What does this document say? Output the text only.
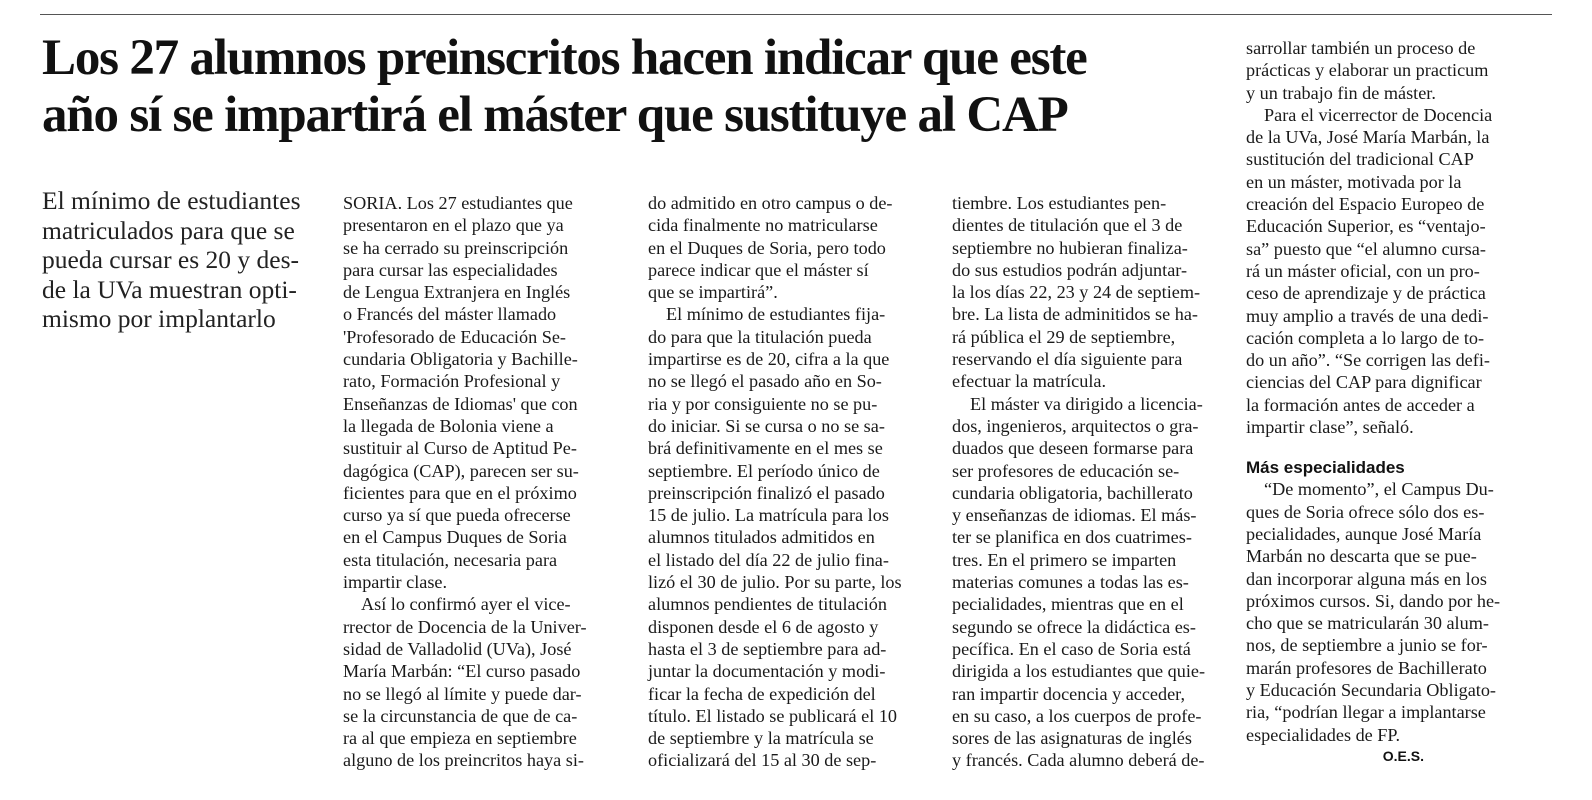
Los 27 alumnos preinscritos hacen indicar que este
año sí se impartirá el máster que sustituye al CAP
El mínimo de estudiantes
matriculados para que se
pueda cursar es 20 y des-
de la UVa muestran opti-
mismo por implantarlo
SORIA. Los 27 estudiantes que
presentaron en el plazo que ya
se ha cerrado su preinscripción
para cursar las especialidades
de Lengua Extranjera en Inglés
o Francés del máster llamado
'Profesorado de Educación Se-
cundaria Obligatoria y Bachille-
rato, Formación Profesional y
Enseñanzas de Idiomas' que con
la llegada de Bolonia viene a
sustituir al Curso de Aptitud Pe-
dagógica (CAP), parecen ser su-
ficientes para que en el próximo
curso ya sí que pueda ofrecerse
en el Campus Duques de Soria
esta titulación, necesaria para
impartir clase.
Así lo confirmó ayer el vice-
rrector de Docencia de la Univer-
sidad de Valladolid (UVa), José
María Marbán: “El curso pasado
no se llegó al límite y puede dar-
se la circunstancia de que de ca-
ra al que empieza en septiembre
alguno de los preincritos haya si-
do admitido en otro campus o de-
cida finalmente no matricularse
en el Duques de Soria, pero todo
parece indicar que el máster sí
que se impartirá”.
El mínimo de estudiantes fija-
do para que la titulación pueda
impartirse es de 20, cifra a la que
no se llegó el pasado año en So-
ria y por consiguiente no se pu-
do iniciar. Si se cursa o no se sa-
brá definitivamente en el mes se
septiembre. El período único de
preinscripción finalizó el pasado
15 de julio. La matrícula para los
alumnos titulados admitidos en
el listado del día 22 de julio fina-
lizó el 30 de julio. Por su parte, los
alumnos pendientes de titulación
disponen desde el 6 de agosto y
hasta el 3 de septiembre para ad-
juntar la documentación y modi-
ficar la fecha de expedición del
título. El listado se publicará el 10
de septiembre y la matrícula se
oficializará del 15 al 30 de sep-
tiembre. Los estudiantes pen-
dientes de titulación que el 3 de
septiembre no hubieran finaliza-
do sus estudios podrán adjuntar-
la los días 22, 23 y 24 de septiem-
bre. La lista de adminitidos se ha-
rá pública el 29 de septiembre,
reservando el día siguiente para
efectuar la matrícula.
El máster va dirigido a licencia-
dos, ingenieros, arquitectos o gra-
duados que deseen formarse para
ser profesores de educación se-
cundaria obligatoria, bachillerato
y enseñanzas de idiomas. El más-
ter se planifica en dos cuatrimes-
tres. En el primero se imparten
materias comunes a todas las es-
pecialidades, mientras que en el
segundo se ofrece la didáctica es-
pecífica. En el caso de Soria está
dirigida a los estudiantes que quie-
ran impartir docencia y acceder,
en su caso, a los cuerpos de profe-
sores de las asignaturas de inglés
y francés. Cada alumno deberá de-
sarrollar también un proceso de
prácticas y elaborar un practicum
y un trabajo fin de máster.
Para el vicerrector de Docencia
de la UVa, José María Marbán, la
sustitución del tradicional CAP
en un máster, motivada por la
creación del Espacio Europeo de
Educación Superior, es “ventajo-
sa” puesto que “el alumno cursa-
rá un máster oficial, con un pro-
ceso de aprendizaje y de práctica
muy amplio a través de una dedi-
cación completa a lo largo de to-
do un año”. “Se corrigen las defi-
ciencias del CAP para dignificar
la formación antes de acceder a
impartir clase”, señaló.
Más especialidades
“De momento”, el Campus Du-
ques de Soria ofrece sólo dos es-
pecialidades, aunque José María
Marbán no descarta que se pue-
dan incorporar alguna más en los
próximos cursos. Si, dando por he-
cho que se matricularán 30 alum-
nos, de septiembre a junio se for-
marán profesores de Bachillerato
y Educación Secundaria Obligato-
ria, “podrían llegar a implantarse
especialidades de FP.
O.E.S.
